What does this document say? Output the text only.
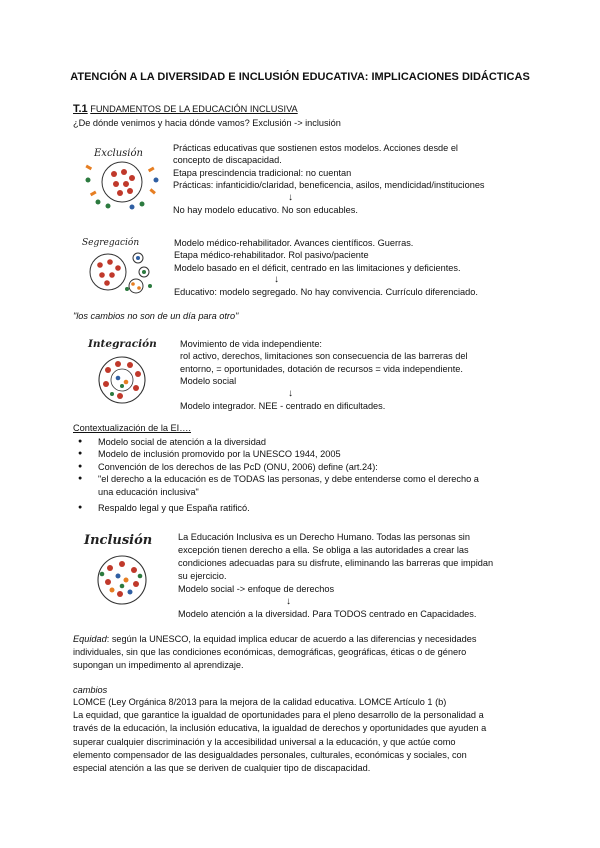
ATENCIÓN A LA DIVERSIDAD E INCLUSIÓN EDUCATIVA: IMPLICACIONES DIDÁCTICAS
T.1 FUNDAMENTOS DE LA EDUCACIÓN INCLUSIVA
¿De dónde venimos y hacia dónde vamos? Exclusión -> inclusión
Exclusión	Prácticas educativas que sostienen estos modelos. Acciones desde el
concepto de discapacidad.
Etapa prescindencia tradicional: no cuentan
Prácticas: infanticidio/claridad, beneficencia, asilos, mendicidad/instituciones
↓
No hay modelo educativo. No son educables.
Segregación	Modelo médico-rehabilitador. Avances científicos. Guerras.
Etapa médico-rehabilitador. Rol pasivo/paciente
Modelo basado en el déficit, centrado en las limitaciones y deficientes.
↓
Educativo: modelo segregado. No hay convivencia. Currículo diferenciado.
"los cambios no son de un día para otro"
Integración	Movimiento de vida independiente:
rol activo, derechos, limitaciones son consecuencia de las barreras del
entorno, = oportunidades, dotación de recursos = vida independiente.
Modelo social
↓
Modelo integrador. NEE - centrado en dificultades.
Contextualización de la EI….
● Modelo social de atención a la diversidad
● Modelo de inclusión promovido por la UNESCO 1944, 2005
● Convención de los derechos de las PcD (ONU, 2006) define (art.24):
● "el derecho a la educación es de TODAS las personas, y debe entenderse como el derecho a
una educación inclusiva"
● Respaldo legal y que España ratificó.
Inclusión	La Educación Inclusiva es un Derecho Humano. Todas las personas sin
excepción tienen derecho a ella. Se obliga a las autoridades a crear las
condiciones adecuadas para su disfrute, eliminando las barreras que impidan
su ejercicio.
Modelo social -> enfoque de derechos
↓
Modelo atención a la diversidad. Para TODOS centrado en Capacidades.
Equidad: según la UNESCO, la equidad implica educar de acuerdo a las diferencias y necesidades
individuales, sin que las condiciones económicas, demográficas, geográficas, éticas o de género
supongan un impedimento al aprendizaje.
cambios
LOMCE (Ley Orgánica 8/2013 para la mejora de la calidad educativa. LOMCE Artículo 1 (b)
La equidad, que garantice la igualdad de oportunidades para el pleno desarrollo de la personalidad a
través de la educación, la inclusión educativa, la igualdad de derechos y oportunidades que ayuden a
superar cualquier discriminación y la accesibilidad universal a la educación, y que actúe como
elemento compensador de las desigualdades personales, culturales, económicas y sociales, con
especial atención a las que se deriven de cualquier tipo de discapacidad.
